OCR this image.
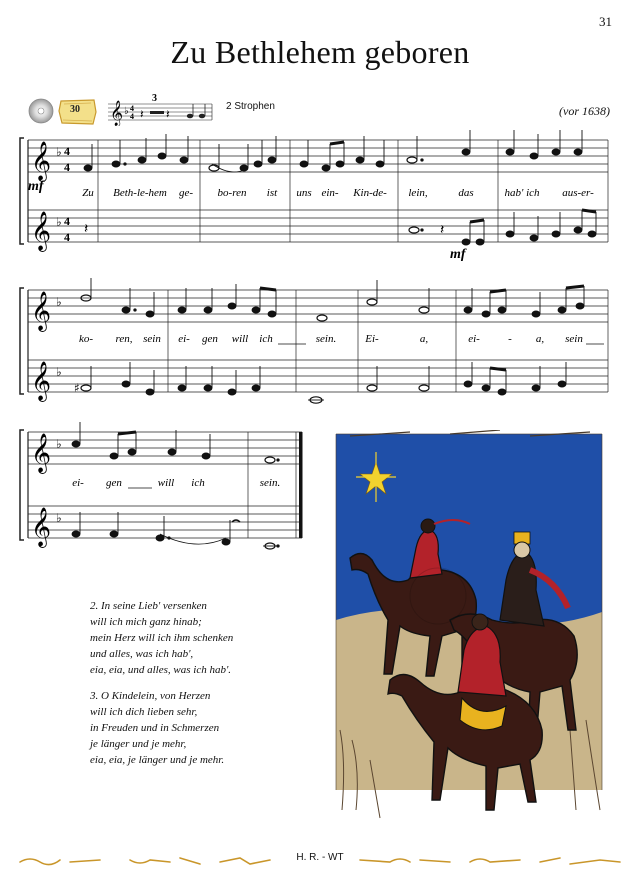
31
Zu Bethlehem geboren
30	𝄞 ♭ 4
4 𝄽 𝄽
3
2 Strophen	(vor 1638)
𝄞
𝄞
♭
♭
4
4
4
4 𝄽	𝄽
mf
mf
Zu Beth-le-hem ge- bo-ren ist uns ein- Kin-de- lein,	das	hab' ich aus-er-
𝄞
𝄞
♭
♭
♯
ko- ren, sein ei- gen will ich	sein.	Ei-	a,	ei-	- a, sein
𝄞
𝄞
♭
♭
ei- gen	will ich	sein.
2. In seine Lieb' versenken
will ich mich ganz hinab;
mein Herz will ich ihm schenken
und alles, was ich hab',
eia, eia, und alles, was ich hab'.
3. O Kindelein, von Herzen
will ich dich lieben sehr,
in Freuden und in Schmerzen
je länger und je mehr,
eia, eia, je länger und je mehr.
H. R. - WT
